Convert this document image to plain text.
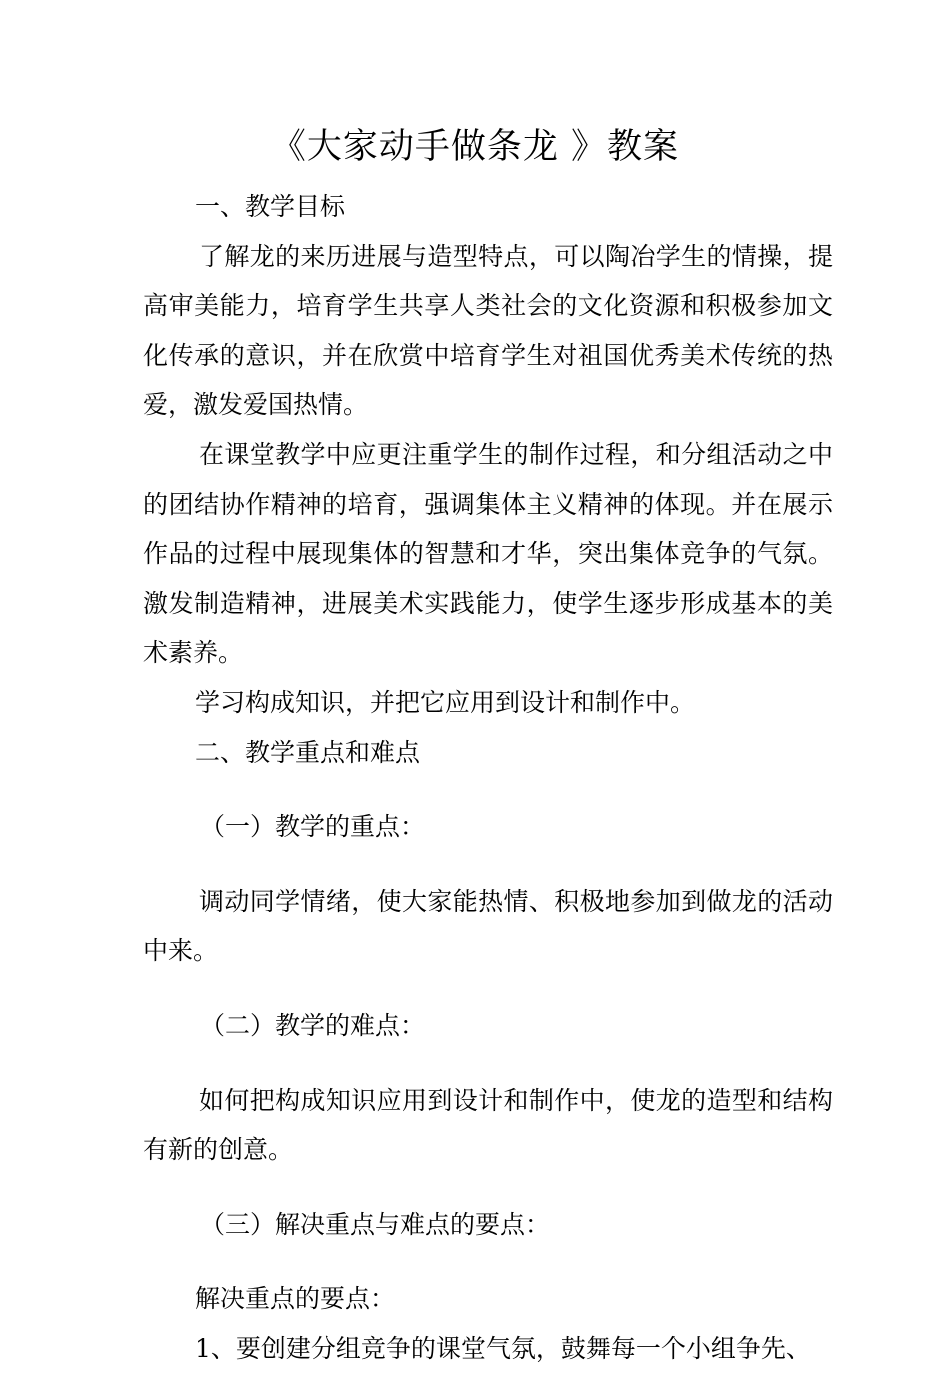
《大家动手做条龙 》教案

一、教学目标

了解龙的来历进展与造型特点，可以陶冶学生的情操，提高审美能力，培育学生共享人类社会的文化资源和积极参加文化传承的意识，并在欣赏中培育学生对祖国优秀美术传统的热爱，激发爱国热情。

在课堂教学中应更注重学生的制作过程，和分组活动之中的团结协作精神的培育，强调集体主义精神的体现。并在展示作品的过程中展现集体的智慧和才华，突出集体竞争的气氛。激发制造精神，进展美术实践能力，使学生逐步形成基本的美术素养。

学习构成知识，并把它应用到设计和制作中。

二、教学重点和难点

（一）教学的重点：

调动同学情绪，使大家能热情、积极地参加到做龙的活动中来。

（二）教学的难点：

如何把构成知识应用到设计和制作中，使龙的造型和结构有新的创意。

（三）解决重点与难点的要点：

解决重点的要点：

1、要创建分组竞争的课堂气氛，鼓舞每一个小组争先、
